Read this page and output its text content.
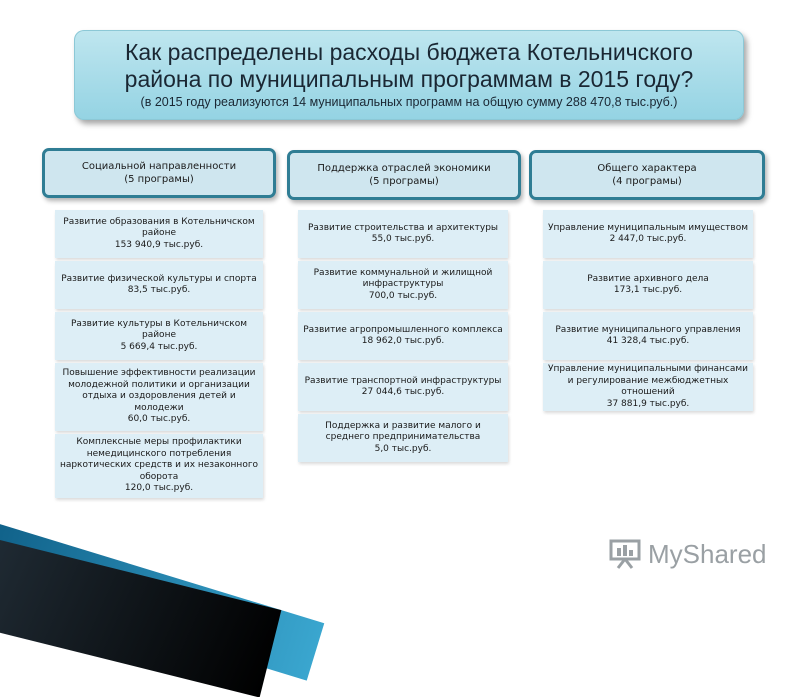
Как распределены расходы бюджета Котельничского района по муниципальным программам в 2015 году?
(в 2015 году реализуются 14 муниципальных программ на общую сумму 288 470,8 тыс.руб.)
Социальной направленности
(5 програмы)
Поддержка отраслей экономики
(5 програмы)
Общего характера
(4 програмы)
Развитие образования в Котельничском районе
153 940,9 тыс.руб.
Развитие физической культуры и спорта
83,5 тыс.руб.
Развитие культуры в Котельничском районе
5 669,4 тыс.руб.
Повышение эффективности реализации молодежной политики и организации отдыха и оздоровления детей и молодежи
60,0 тыс.руб.
Комплексные меры профилактики немедицинского потребления наркотических средств и их незаконного оборота
120,0 тыс.руб.
Развитие строительства и архитектуры
55,0 тыс.руб.
Развитие коммунальной и жилищной инфраструктуры
700,0 тыс.руб.
Развитие агропромышленного комплекса
18 962,0 тыс.руб.
Развитие транспортной инфраструктуры
27 044,6 тыс.руб.
Поддержка и развитие малого и среднего предпринимательства
5,0 тыс.руб.
Управление муниципальным имуществом
2 447,0 тыс.руб.
Развитие архивного дела
173,1 тыс.руб.
Развитие муниципального управления
41 328,4 тыс.руб.
Управление муниципальными финансами и регулирование межбюджетных отношений
37 881,9 тыс.руб.
MyShared
